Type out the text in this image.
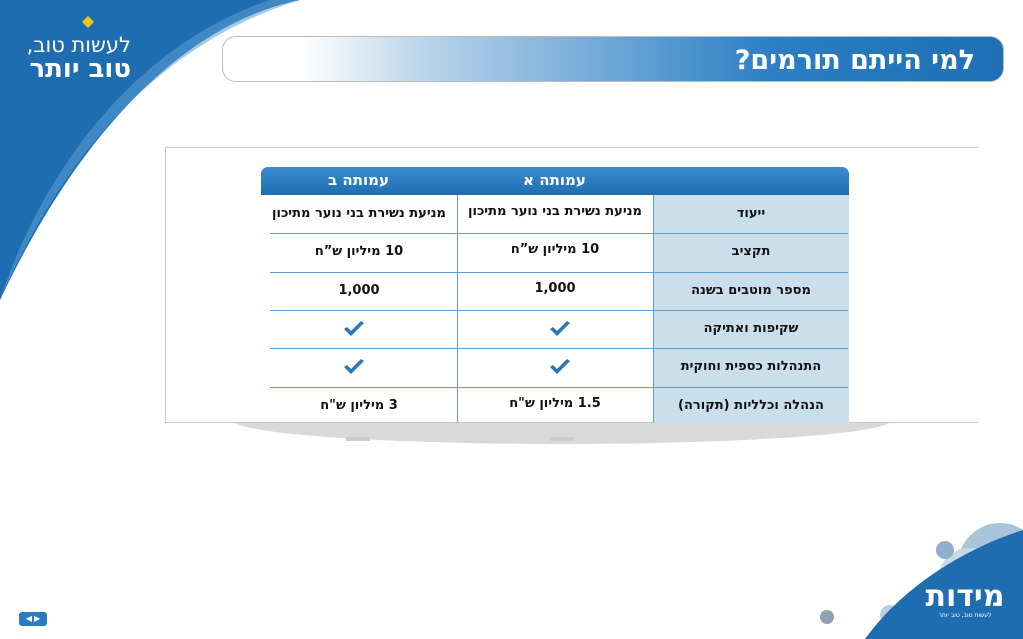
לעשות טוב,
טוב יותר	למי הייתם תורמים?
עמותה א
עמותה ב
ייעוד
מניעת נשירת בני נוער מתיכון
מניעת נשירת בני נוער מתיכון
תקציב
10 מיליון ש”ח
10 מיליון ש”ח
מספר מוטבים בשנה
1,000
1,000
שקיפות ואתיקה
התנהלות כספית וחוקית
הנהלה וכלליות (תקורה)
1.5 מיליון ש"ח
3 מיליון ש"ח
◀ ▶
מידות
לעשות טוב, טוב יותר
